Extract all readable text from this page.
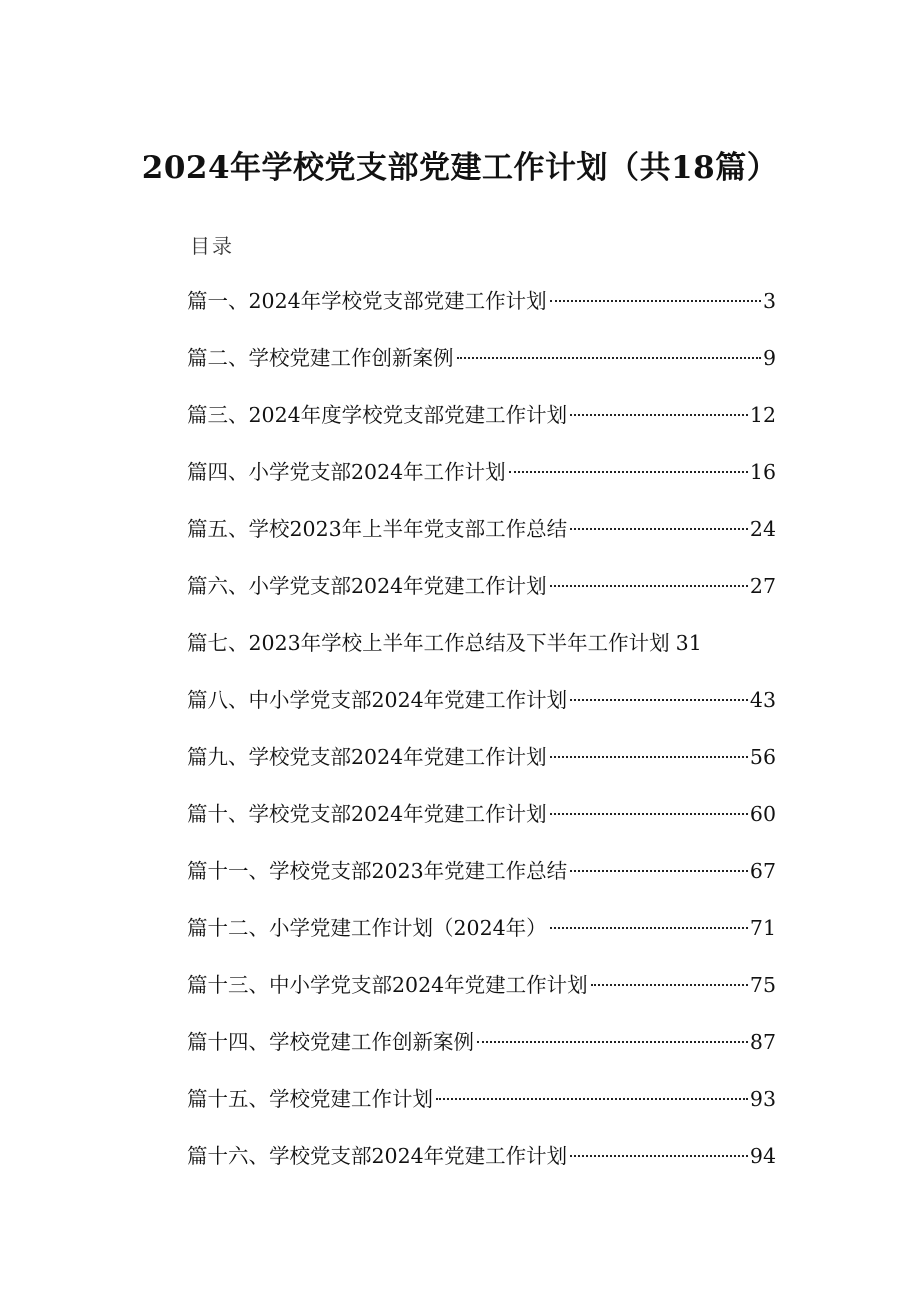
2024年学校党支部党建工作计划（共18篇）
目录
篇一、2024年学校党支部党建工作计划	3
篇二、学校党建工作创新案例	9
篇三、2024年度学校党支部党建工作计划	12
篇四、小学党支部2024年工作计划	16
篇五、学校2023年上半年党支部工作总结	24
篇六、小学党支部2024年党建工作计划	27
篇七、2023年学校上半年工作总结及下半年工作计划 31
篇八、中小学党支部2024年党建工作计划	43
篇九、学校党支部2024年党建工作计划	56
篇十、学校党支部2024年党建工作计划	60
篇十一、学校党支部2023年党建工作总结	67
篇十二、小学党建工作计划（2024年）	71
篇十三、中小学党支部2024年党建工作计划	75
篇十四、学校党建工作创新案例	87
篇十五、学校党建工作计划	93
篇十六、学校党支部2024年党建工作计划	94
